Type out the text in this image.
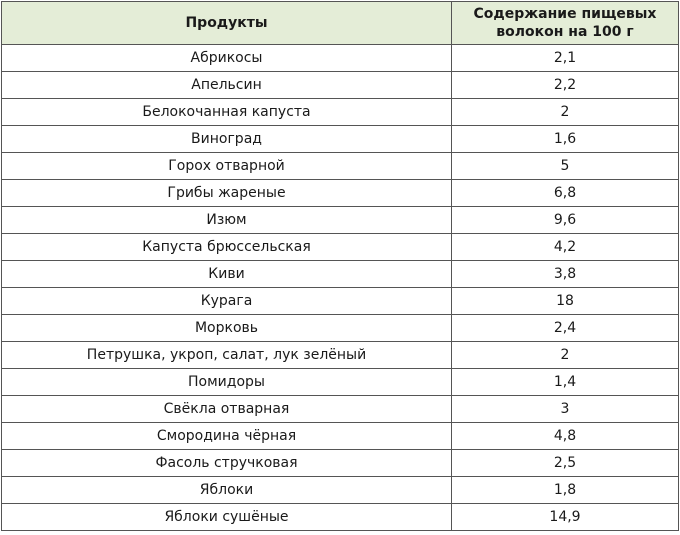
Продукты	Содержание пищевых
волокон на 100 г

Абрикосы	2,1
Апельсин	2,2
Белокочанная капуста	2
Виноград	1,6
Горох отварной	5
Грибы жареные	6,8
Изюм	9,6
Капуста брюссельская	4,2
Киви	3,8
Курага	18
Морковь	2,4
Петрушка, укроп, салат, лук зелёный	2
Помидоры	1,4
Свёкла отварная	3
Смородина чёрная	4,8
Фасоль стручковая	2,5
Яблоки	1,8
Яблоки сушёные	14,9
